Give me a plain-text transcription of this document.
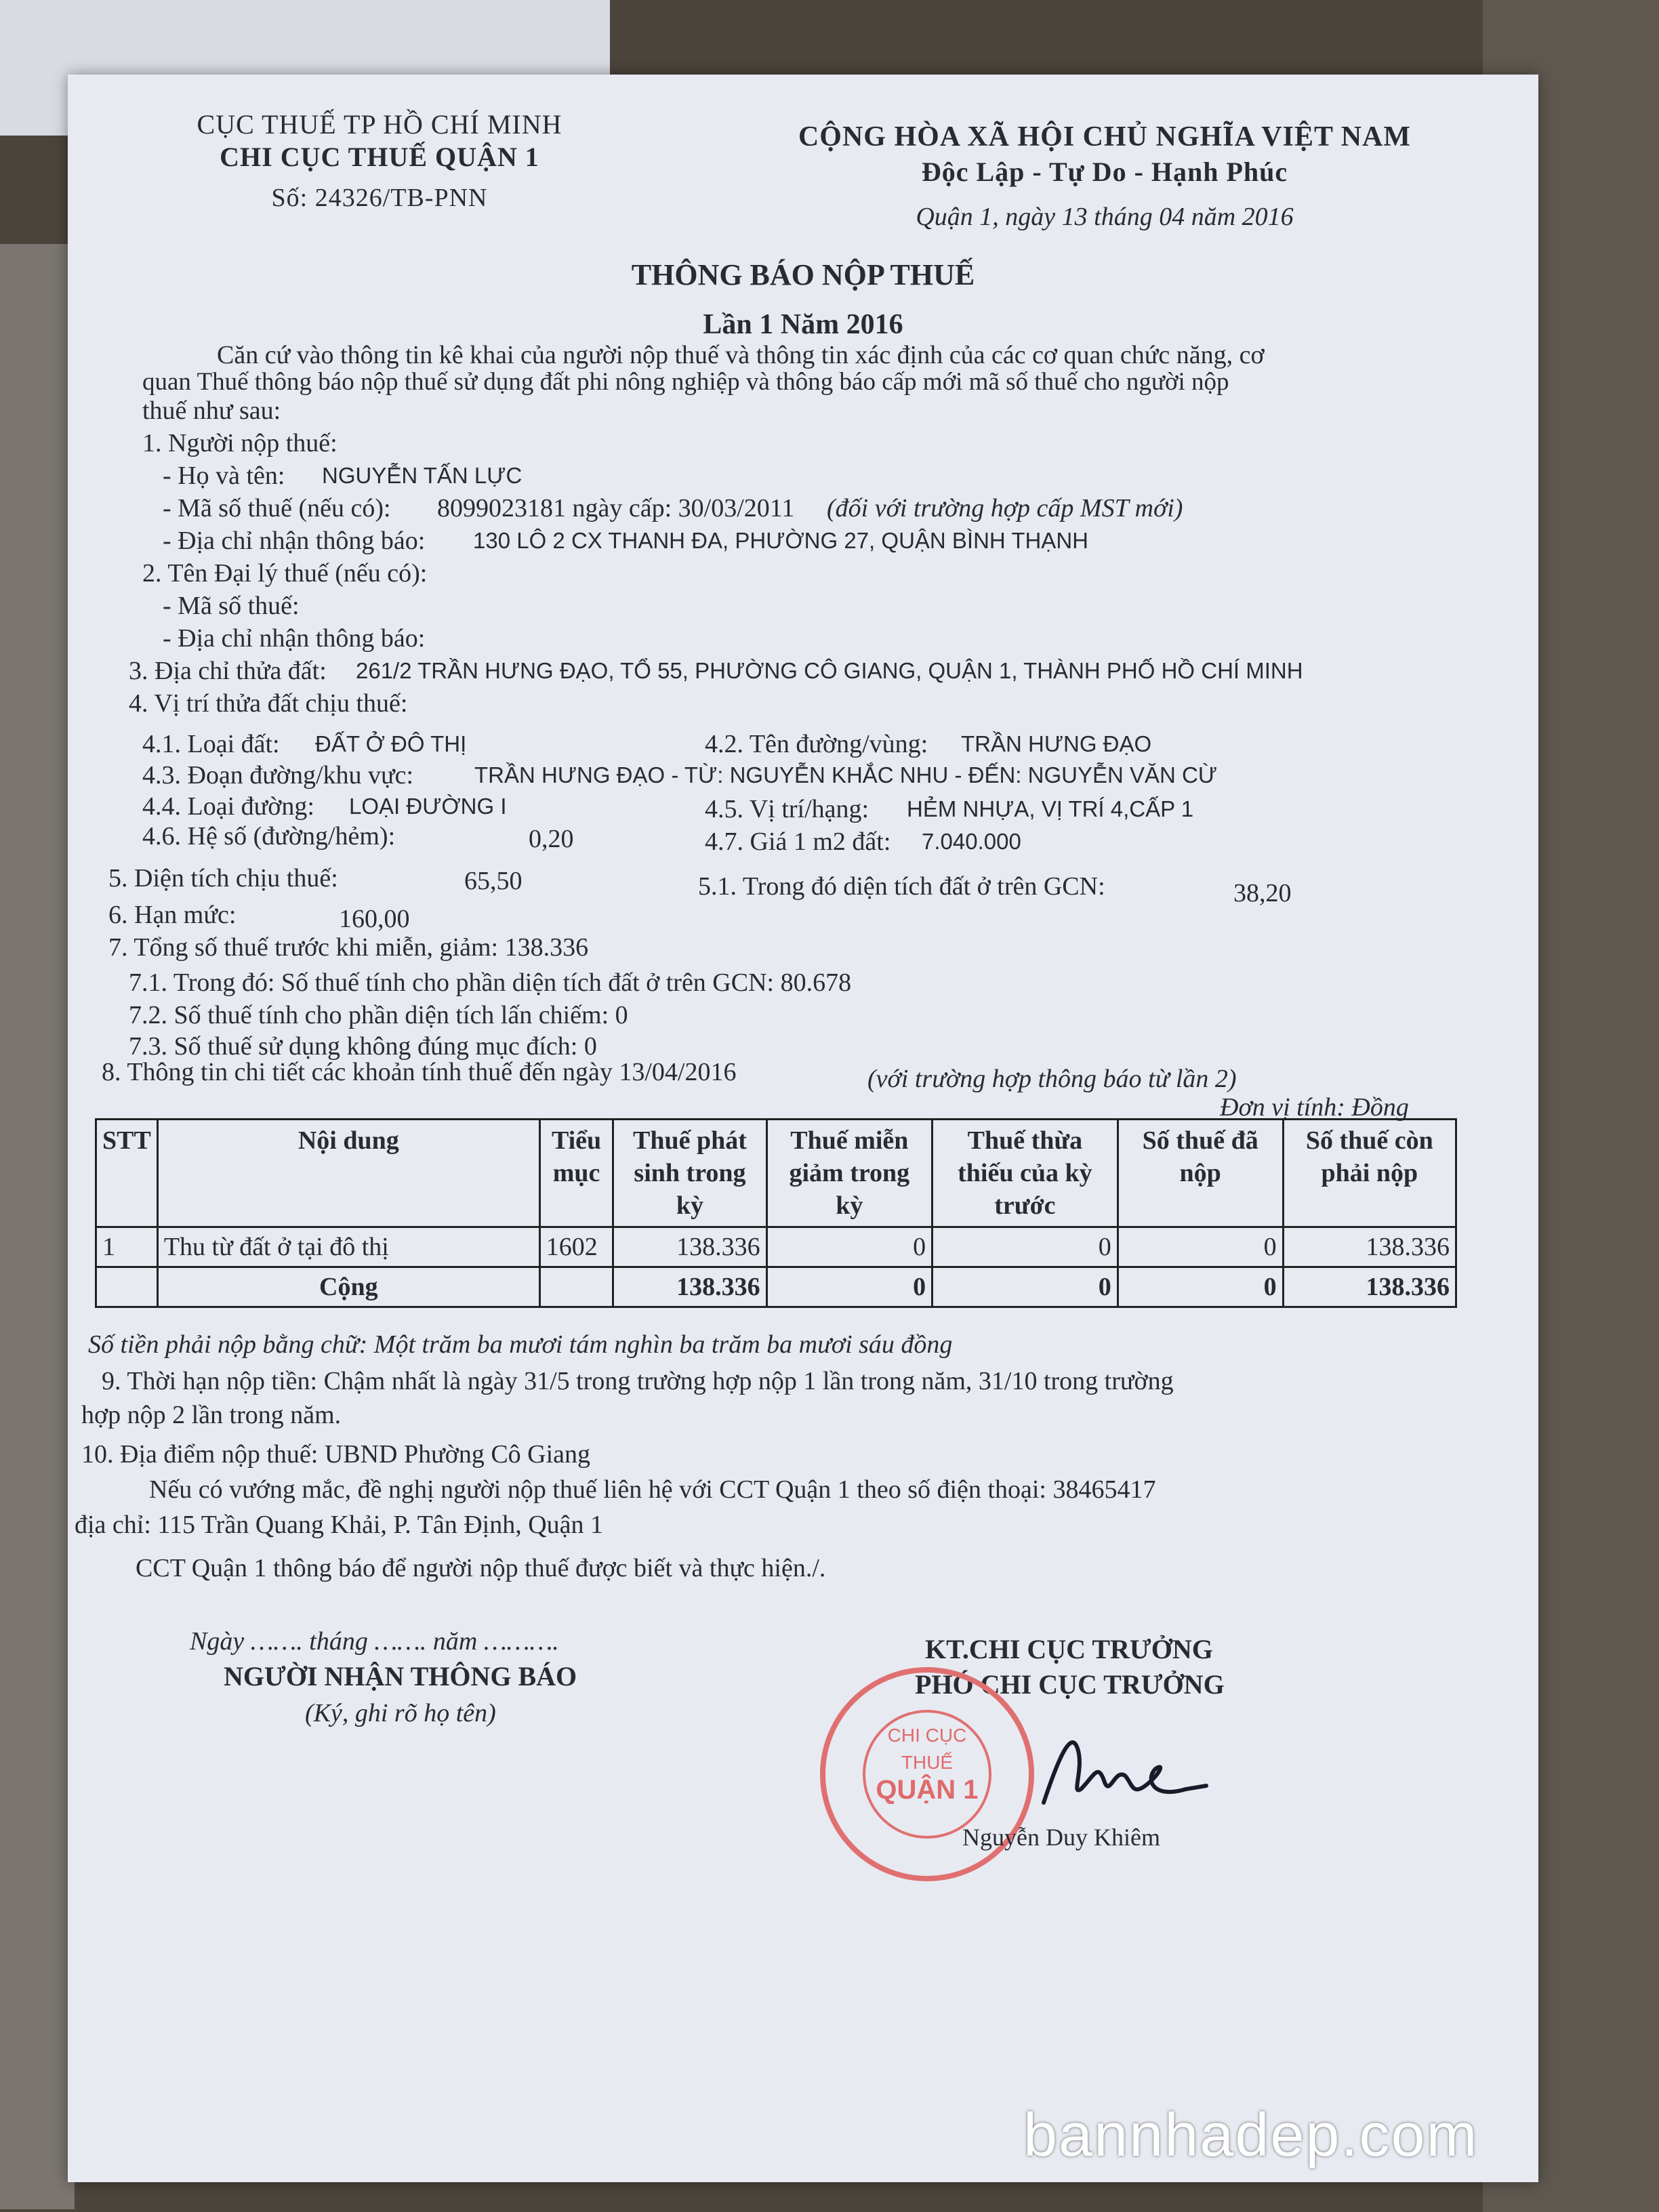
CỤC THUẾ TP HỒ CHÍ MINH
CHI CỤC THUẾ QUẬN 1
Số: 24326/TB-PNN
CỘNG HÒA XÃ HỘI CHỦ NGHĨA VIỆT NAM
Độc Lập - Tự Do - Hạnh Phúc
Quận 1, ngày 13 tháng 04 năm 2016
THÔNG BÁO NỘP THUẾ
Lần 1 Năm 2016
Căn cứ vào thông tin kê khai của người nộp thuế và thông tin xác định của các cơ quan chức năng, cơ
quan Thuế thông báo nộp thuế sử dụng đất phi nông nghiệp và thông báo cấp mới mã số thuế cho người nộp
thuế như sau:
1. Người nộp thuế:
- Họ và tên: NGUYỄN TẤN LỰC
- Mã số thuế (nếu có): 8099023181 ngày cấp: 30/03/2011 (đối với trường hợp cấp MST mới)
- Địa chỉ nhận thông báo: 130 LÔ 2 CX THANH ĐA, PHƯỜNG 27, QUẬN BÌNH THẠNH
2. Tên Đại lý thuế (nếu có):
- Mã số thuế:
- Địa chỉ nhận thông báo:
3. Địa chỉ thửa đất: 261/2 TRẦN HƯNG ĐẠO, TỔ 55, PHƯỜNG CÔ GIANG, QUẬN 1, THÀNH PHỐ HỒ CHÍ MINH
4. Vị trí thửa đất chịu thuế:
4.1. Loại đất: ĐẤT Ở ĐÔ THỊ	4.2. Tên đường/vùng: TRẦN HƯNG ĐẠO
4.3. Đoạn đường/khu vực:	TRẦN HƯNG ĐẠO - TỪ: NGUYỄN KHẮC NHU - ĐẾN: NGUYỄN VĂN CỪ
4.4. Loại đường: LOẠI ĐƯỜNG I	4.5. Vị trí/hạng: HẺM NHỰA, VỊ TRÍ 4,CẤP 1
4.6. Hệ số (đường/hẻm):	0,20	4.7. Giá 1 m2 đất: 7.040.000
5. Diện tích chịu thuế:	65,50	5.1. Trong đó diện tích đất ở trên GCN:	38,20
6. Hạn mức:	160,00
7. Tổng số thuế trước khi miễn, giảm: 138.336
7.1. Trong đó: Số thuế tính cho phần diện tích đất ở trên GCN: 80.678
7.2. Số thuế tính cho phần diện tích lấn chiếm: 0
7.3. Số thuế sử dụng không đúng mục đích: 0
8. Thông tin chi tiết các khoản tính thuế đến ngày 13/04/2016	(với trường hợp thông báo từ lần 2)
Đơn vị tính: Đồng
STT	Nội dung	Tiểu mục	Thuế phát sinh trong kỳ	Thuế miễn giảm trong kỳ	Thuế thừa thiếu của kỳ trước	Số thuế đã nộp	Số thuế còn phải nộp
1	Thu từ đất ở tại đô thị	1602	138.336	0	0	0	138.336
	Cộng		138.336	0	0	0	138.336
Số tiền phải nộp bằng chữ: Một trăm ba mươi tám nghìn ba trăm ba mươi sáu đồng
9. Thời hạn nộp tiền: Chậm nhất là ngày 31/5 trong trường hợp nộp 1 lần trong năm, 31/10 trong trường
hợp nộp 2 lần trong năm.
10. Địa điểm nộp thuế: UBND Phường Cô Giang
Nếu có vướng mắc, đề nghị người nộp thuế liên hệ với CCT Quận 1 theo số điện thoại: 38465417
địa chỉ: 115 Trần Quang Khải, P. Tân Định, Quận 1
CCT Quận 1 thông báo để người nộp thuế được biết và thực hiện./.
Ngày ……. tháng ……. năm ……….
NGƯỜI NHẬN THÔNG BÁO
(Ký, ghi rõ họ tên)
KT.CHI CỤC TRƯỞNG
PHÓ CHI CỤC TRƯỞNG
CHI CỤC
THUẾ
QUẬN 1
Nguyễn Duy Khiêm
bannhadep.com
